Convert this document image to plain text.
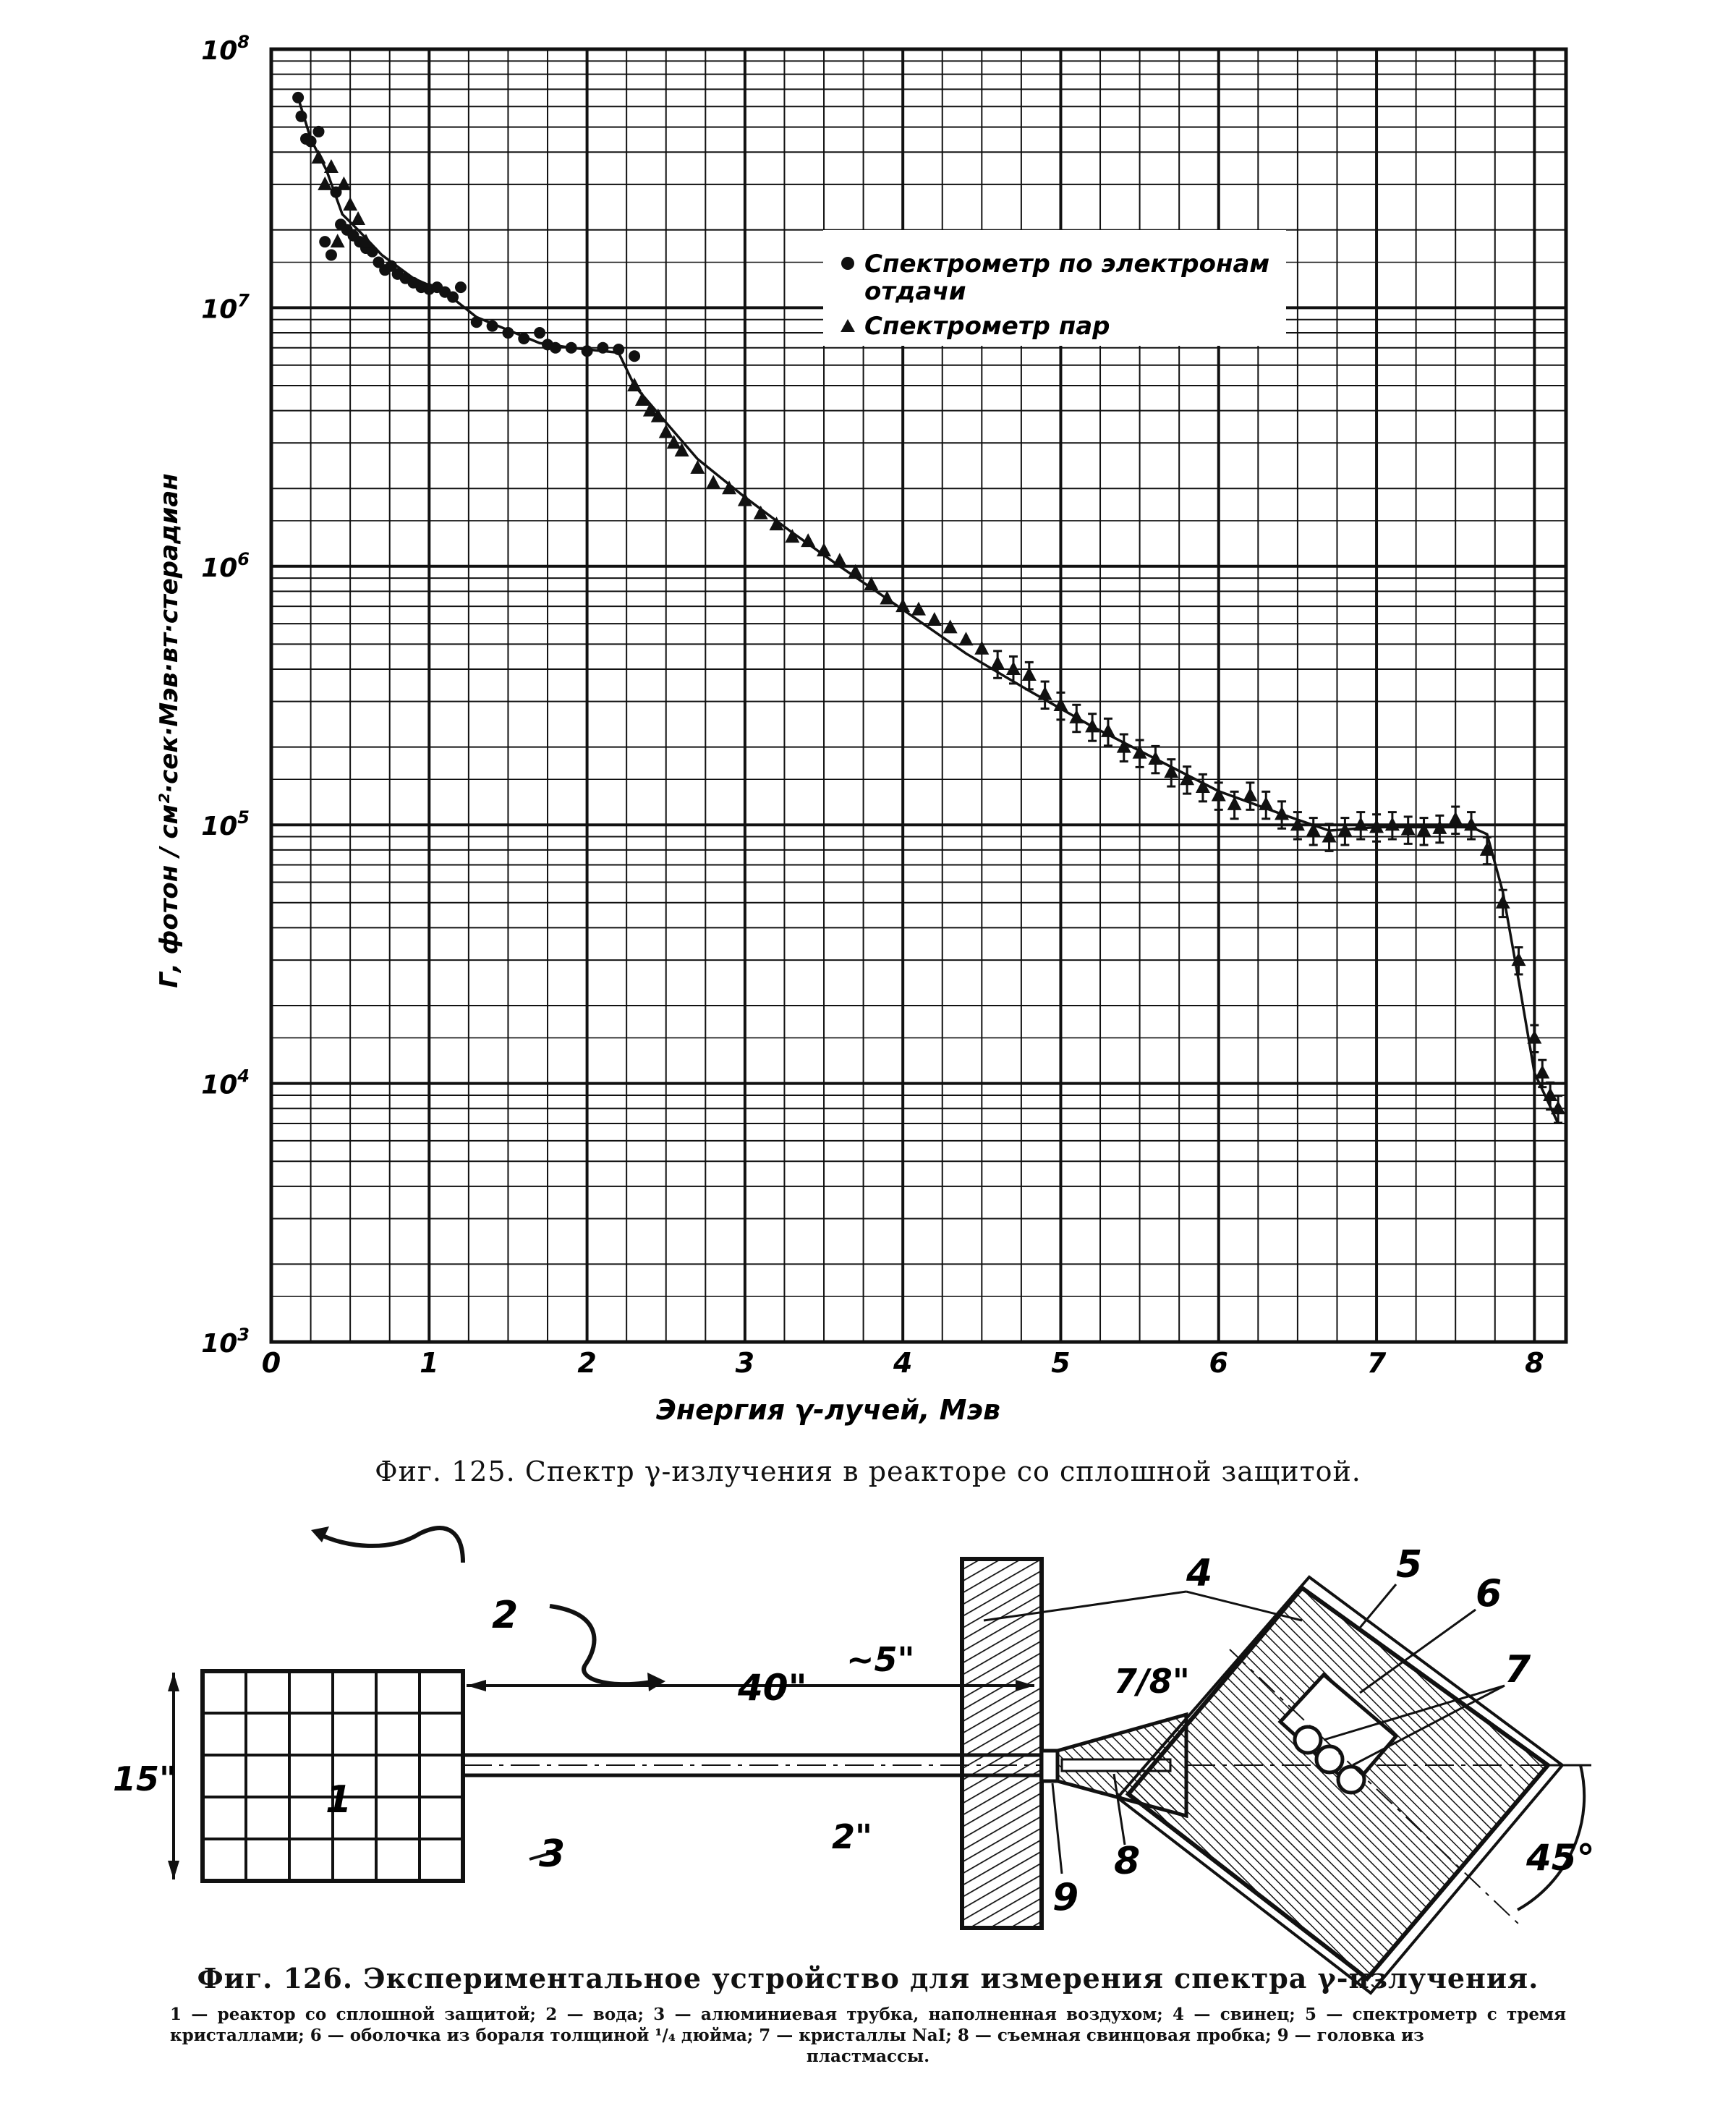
0	1	2	3	4	5	6	7	8
$10^8$
$10^7$
$10^6$
$10^5$
$10^4$
$10^3$
Спектрометр по электронам
отдачи
Спектрометр пар
Энергия γ-лучей, Мэв
Г, фотон / см²·сек·Мэв·вт·стерадиан
Фиг. 125. Спектр γ-излучения в реакторе со сплошной защитой.
1
2
3
4	5
6
7
8
9
15"
40"
~5"
2"
7/8"
45°
Фиг. 126. Экспериментальное устройство для измерения спектра γ-излучения.
1 — реактор со сплошной защитой; 2 — вода; 3 — алюминиевая трубка, наполненная воздухом; 4 — свинец; 5 — спектрометр с тремя кристаллами; 6 — оболочка из бораля толщиной ¹/₄ дюйма; 7 — кристаллы NaI; 8 — съемная свинцовая пробка; 9 — головка из
пластмассы.
